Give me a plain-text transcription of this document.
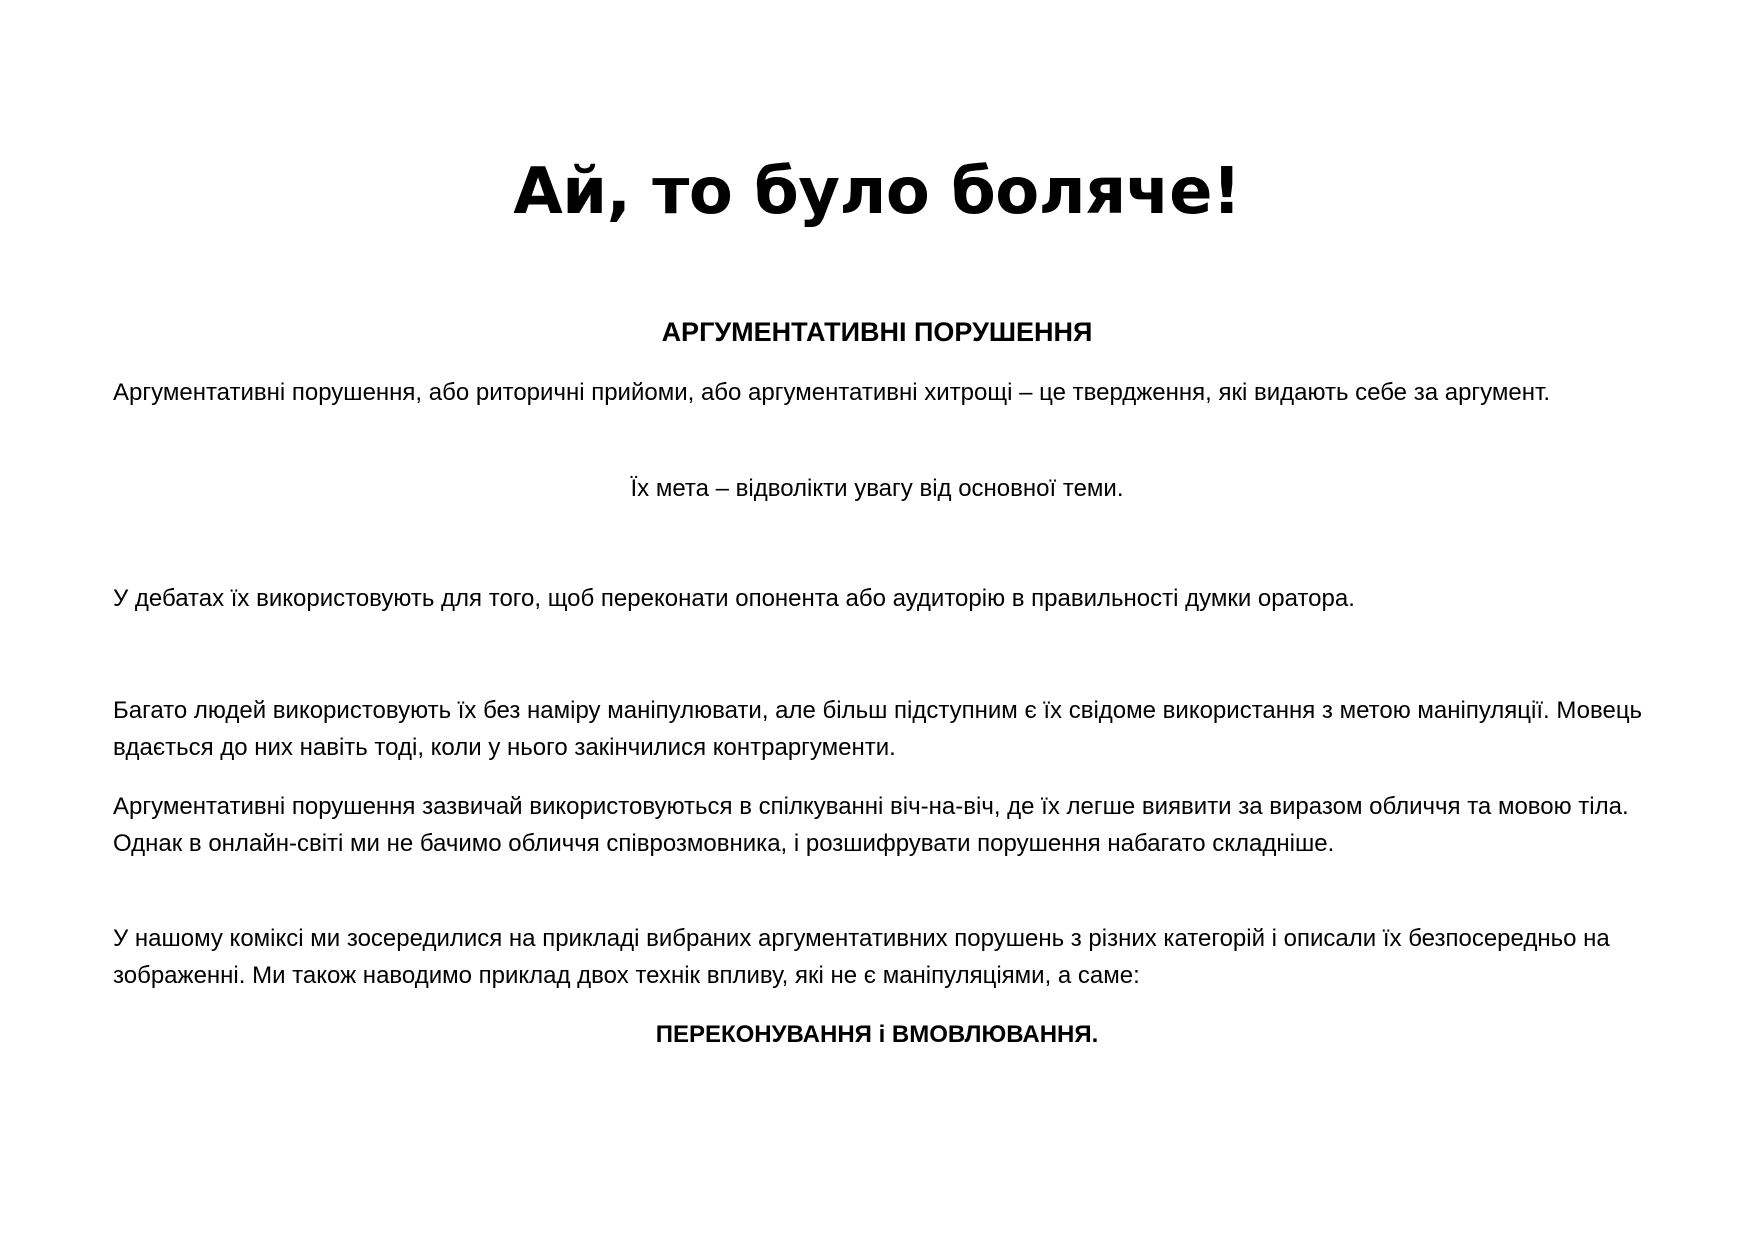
Ай, то було боляче!
АРГУМЕНТАТИВНІ ПОРУШЕННЯ

Аргументативні порушення, або риторичні прийоми, або аргументативні хитрощі – це твердження, які видають себе за аргумент.

Їх мета – відволікти увагу від основної теми.

У дебатах їх використовують для того, щоб переконати опонента або аудиторію в правильності думки оратора.

Багато людей використовують їх без наміру маніпулювати, але більш підступним є їх свідоме використання з метою маніпуляції. Мовець вдається до них навіть тоді, коли у нього закінчилися контраргументи.

Аргументативні порушення зазвичай використовуються в спілкуванні віч-на-віч, де їх легше виявити за виразом обличчя та мовою тіла. Однак в онлайн-світі ми не бачимо обличчя співрозмовника, і розшифрувати порушення набагато складніше.

У нашому коміксі ми зосередилися на прикладі вибраних аргументативних порушень з різних категорій і описали їх безпосередньо на зображенні. Ми також наводимо приклад двох технік впливу, які не є маніпуляціями, а саме:

ПЕРЕКОНУВАННЯ і ВМОВЛЮВАННЯ.
